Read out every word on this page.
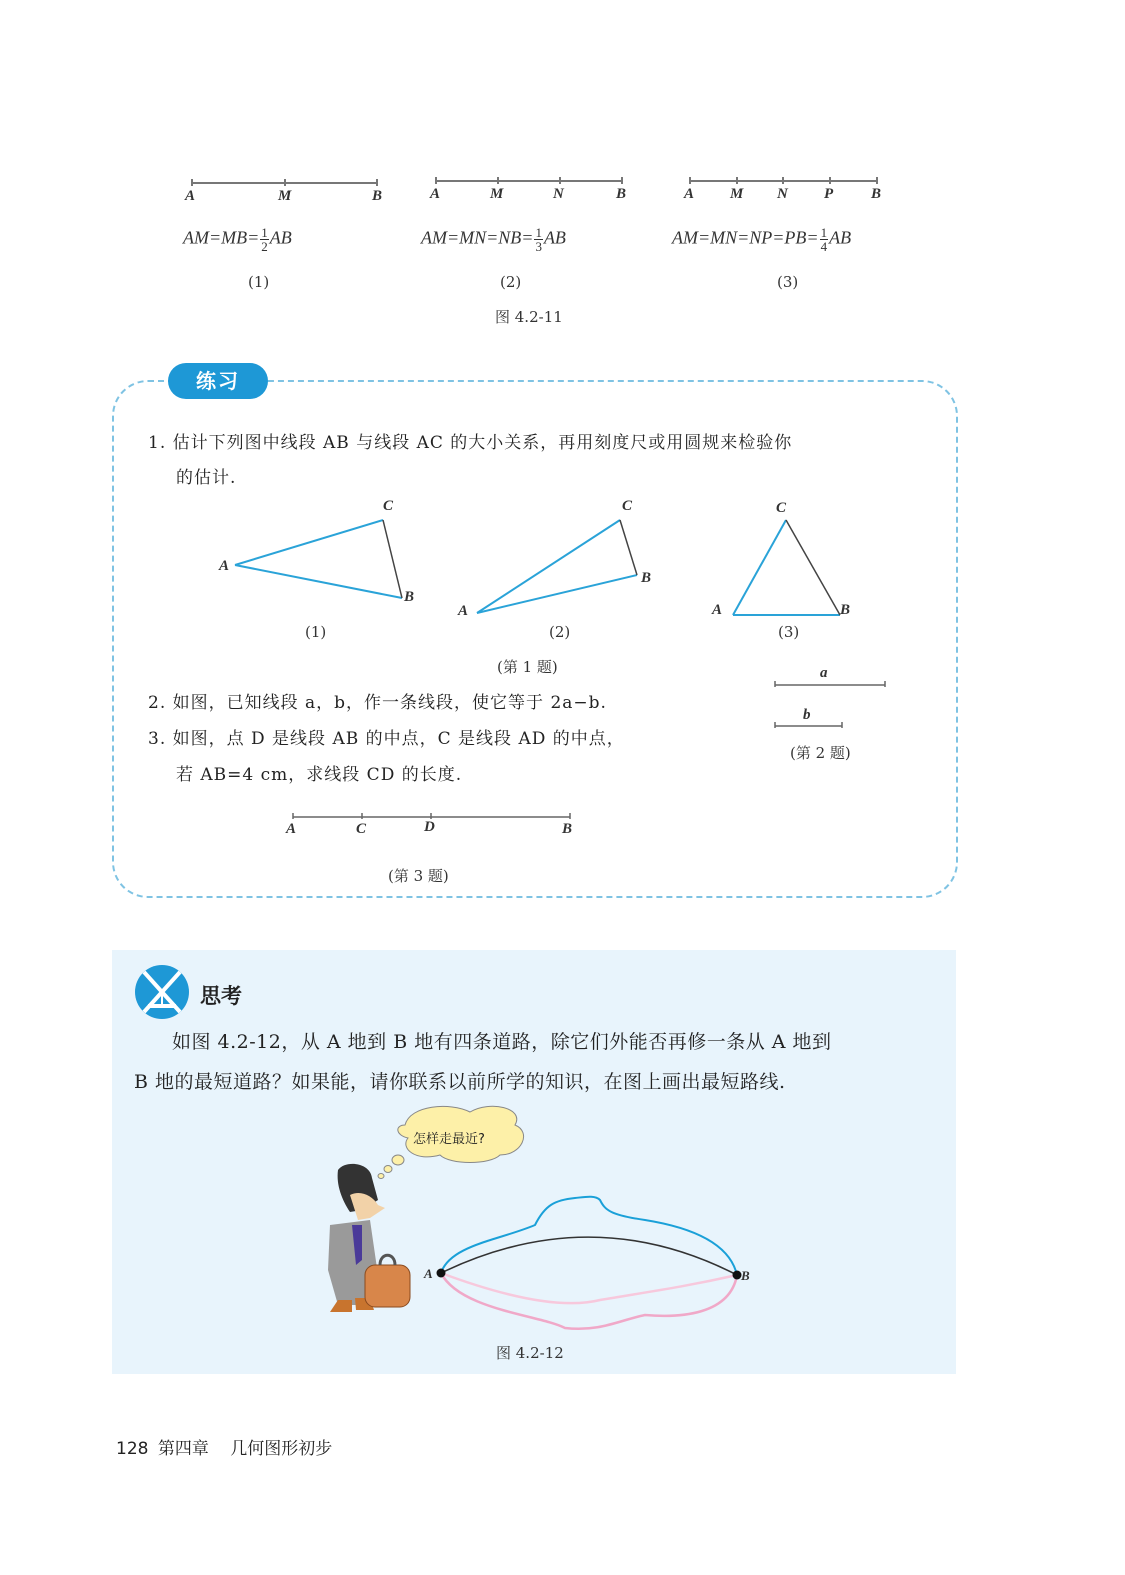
A	M	B	A	M	N	B	A M N P	B
$AM=MB= \frac{1}{2}$ AB	$AM=MN=NB= \frac{1}{3}$ AB	$AM=MN=NP=PB= \frac{1}{4}$ AB
(1)	(2)	(3)
图 4.2-11
练习
1. 估计下列图中线段 AB 与线段 AC 的大小关系，再用刻度尺或用圆规来检验你
的估计.
A
C
B
A
C
B
A
C
B
(1)	(2)	(3)
(第 1 题)
2. 如图，已知线段 a，b，作一条线段，使它等于 2a−b.
3. 如图，点 D 是线段 AB 的中点，C 是线段 AD 的中点，
若 AB=4 cm，求线段 CD 的长度.
a
b
(第 2 题)
A	C	D	B
(第 3 题)
思考
如图 4.2-12，从 A 地到 B 地有四条道路，除它们外能否再修一条从 A 地到
B 地的最短道路？如果能，请你联系以前所学的知识，在图上画出最短路线.
怎样走最近?
A	B
图 4.2-12
128 第四章 几何图形初步
